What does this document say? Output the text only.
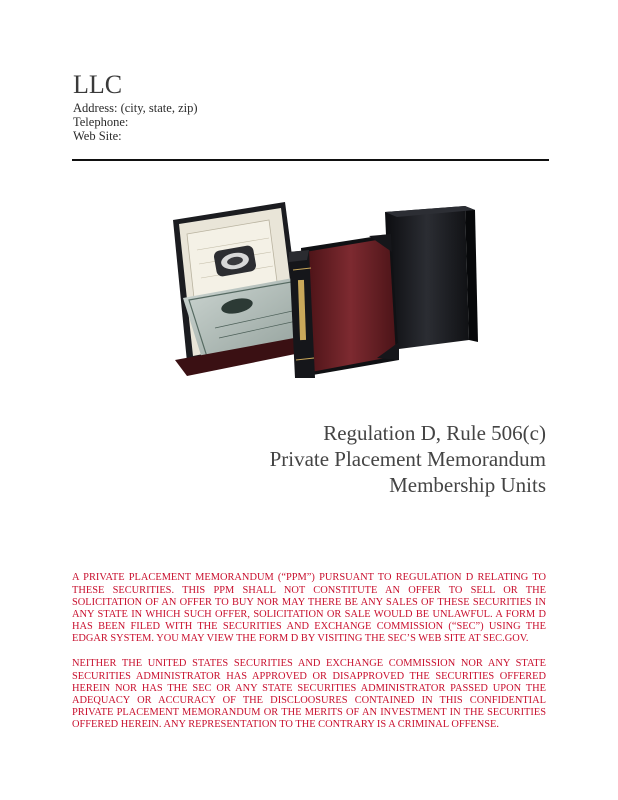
LLC
Address: (city, state, zip)
Telephone:
Web Site:
Regulation D, Rule 506(c)
Private Placement Memorandum
Membership Units

A PRIVATE PLACEMENT MEMORANDUM (“PPM”) PURSUANT TO REGULATION D RELATING TO THESE SECURITIES. THIS PPM SHALL NOT CONSTITUTE AN OFFER TO SELL OR THE SOLICITATION OF AN OFFER TO BUY NOR MAY THERE BE ANY SALES OF THESE SECURITIES IN ANY STATE IN WHICH SUCH OFFER, SOLICITATION OR SALE WOULD BE UNLAWFUL. A FORM D HAS BEEN FILED WITH THE SECURITIES AND EXCHANGE COMMISSION (“SEC”) USING THE EDGAR SYSTEM. YOU MAY VIEW THE FORM D BY VISITING THE SEC’S WEB SITE AT SEC.GOV.

NEITHER THE UNITED STATES SECURITIES AND EXCHANGE COMMISSION NOR ANY STATE SECURITIES ADMINISTRATOR HAS APPROVED OR DISAPPROVED THE SECURITIES OFFERED HEREIN NOR HAS THE SEC OR ANY STATE SECURITIES ADMINISTRATOR PASSED UPON THE ADEQUACY OR ACCURACY OF THE DISCLOOSURES CONTAINED IN THIS CONFIDENTIAL PRIVATE PLACEMENT MEMORANDUM OR THE MERITS OF AN INVESTMENT IN THE SECURITIES OFFERED HEREIN. ANY REPRESENTATION TO THE CONTRARY IS A CRIMINAL OFFENSE.
